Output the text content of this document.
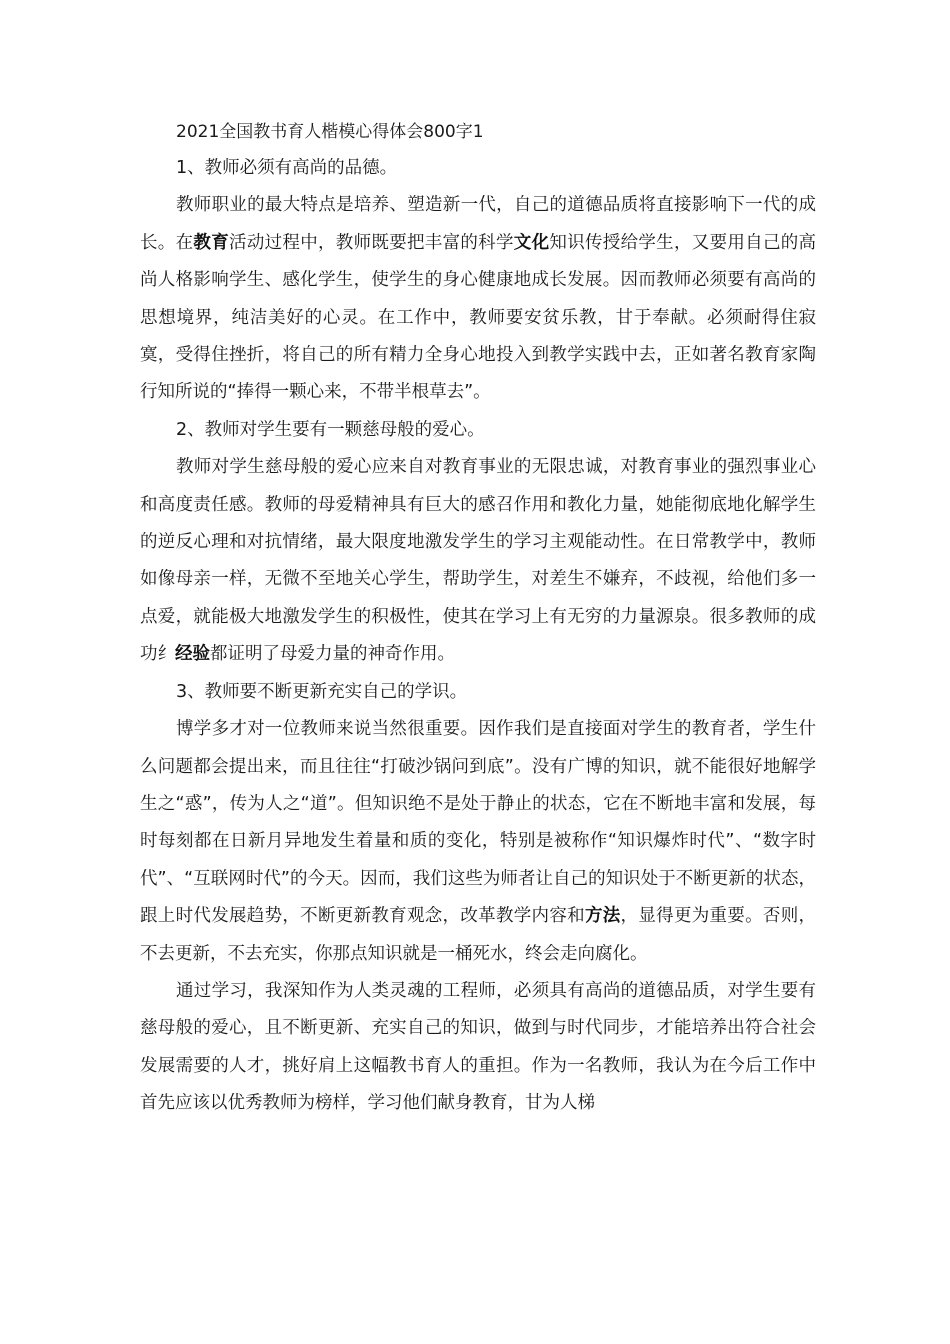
2021全国教书育人楷模心得体会800字1

1、教师必须有高尚的品德。

教师职业的最大特点是培养、塑造新一代，自己的道德品质将直接影响下一代的成长。在教育活动过程中，教师既要把丰富的科学文化知识传授给学生，又要用自己的高尚人格影响学生、感化学生，使学生的身心健康地成长发展。因而教师必须要有高尚的思想境界，纯洁美好的心灵。在工作中，教师要安贫乐教，甘于奉献。必须耐得住寂寞，受得住挫折，将自己的所有精力全身心地投入到教学实践中去，正如著名教育家陶行知所说的“捧得一颗心来，不带半根草去”。

2、教师对学生要有一颗慈母般的爱心。

教师对学生慈母般的爱心应来自对教育事业的无限忠诚，对教育事业的强烈事业心和高度责任感。教师的母爱精神具有巨大的感召作用和教化力量，她能彻底地化解学生的逆反心理和对抗情绪，最大限度地激发学生的学习主观能动性。在日常教学中，教师如像母亲一样，无微不至地关心学生，帮助学生，对差生不嫌弃，不歧视，给他们多一点爱，就能极大地激发学生的积极性，使其在学习上有无穷的力量源泉。很多教师的成功纟经验都证明了母爱力量的神奇作用。

3、教师要不断更新充实自己的学识。

博学多才对一位教师来说当然很重要。因作我们是直接面对学生的教育者，学生什么问题都会提出来，而且往往“打破沙锅问到底”。没有广博的知识，就不能很好地解学生之“惑”，传为人之“道”。但知识绝不是处于静止的状态，它在不断地丰富和发展，每时每刻都在日新月异地发生着量和质的变化，特别是被称作“知识爆炸时代”、“数字时代”、“互联网时代”的今天。因而，我们这些为师者让自己的知识处于不断更新的状态，跟上时代发展趋势，不断更新教育观念，改革教学内容和方法，显得更为重要。否则，不去更新，不去充实，你那点知识就是一桶死水，终会走向腐化。

通过学习，我深知作为人类灵魂的工程师，必须具有高尚的道德品质，对学生要有慈母般的爱心，且不断更新、充实自己的知识，做到与时代同步，才能培养出符合社会发展需要的人才，挑好肩上这幅教书育人的重担。作为一名教师，我认为在今后工作中首先应该以优秀教师为榜样，学习他们献身教育，甘为人梯
